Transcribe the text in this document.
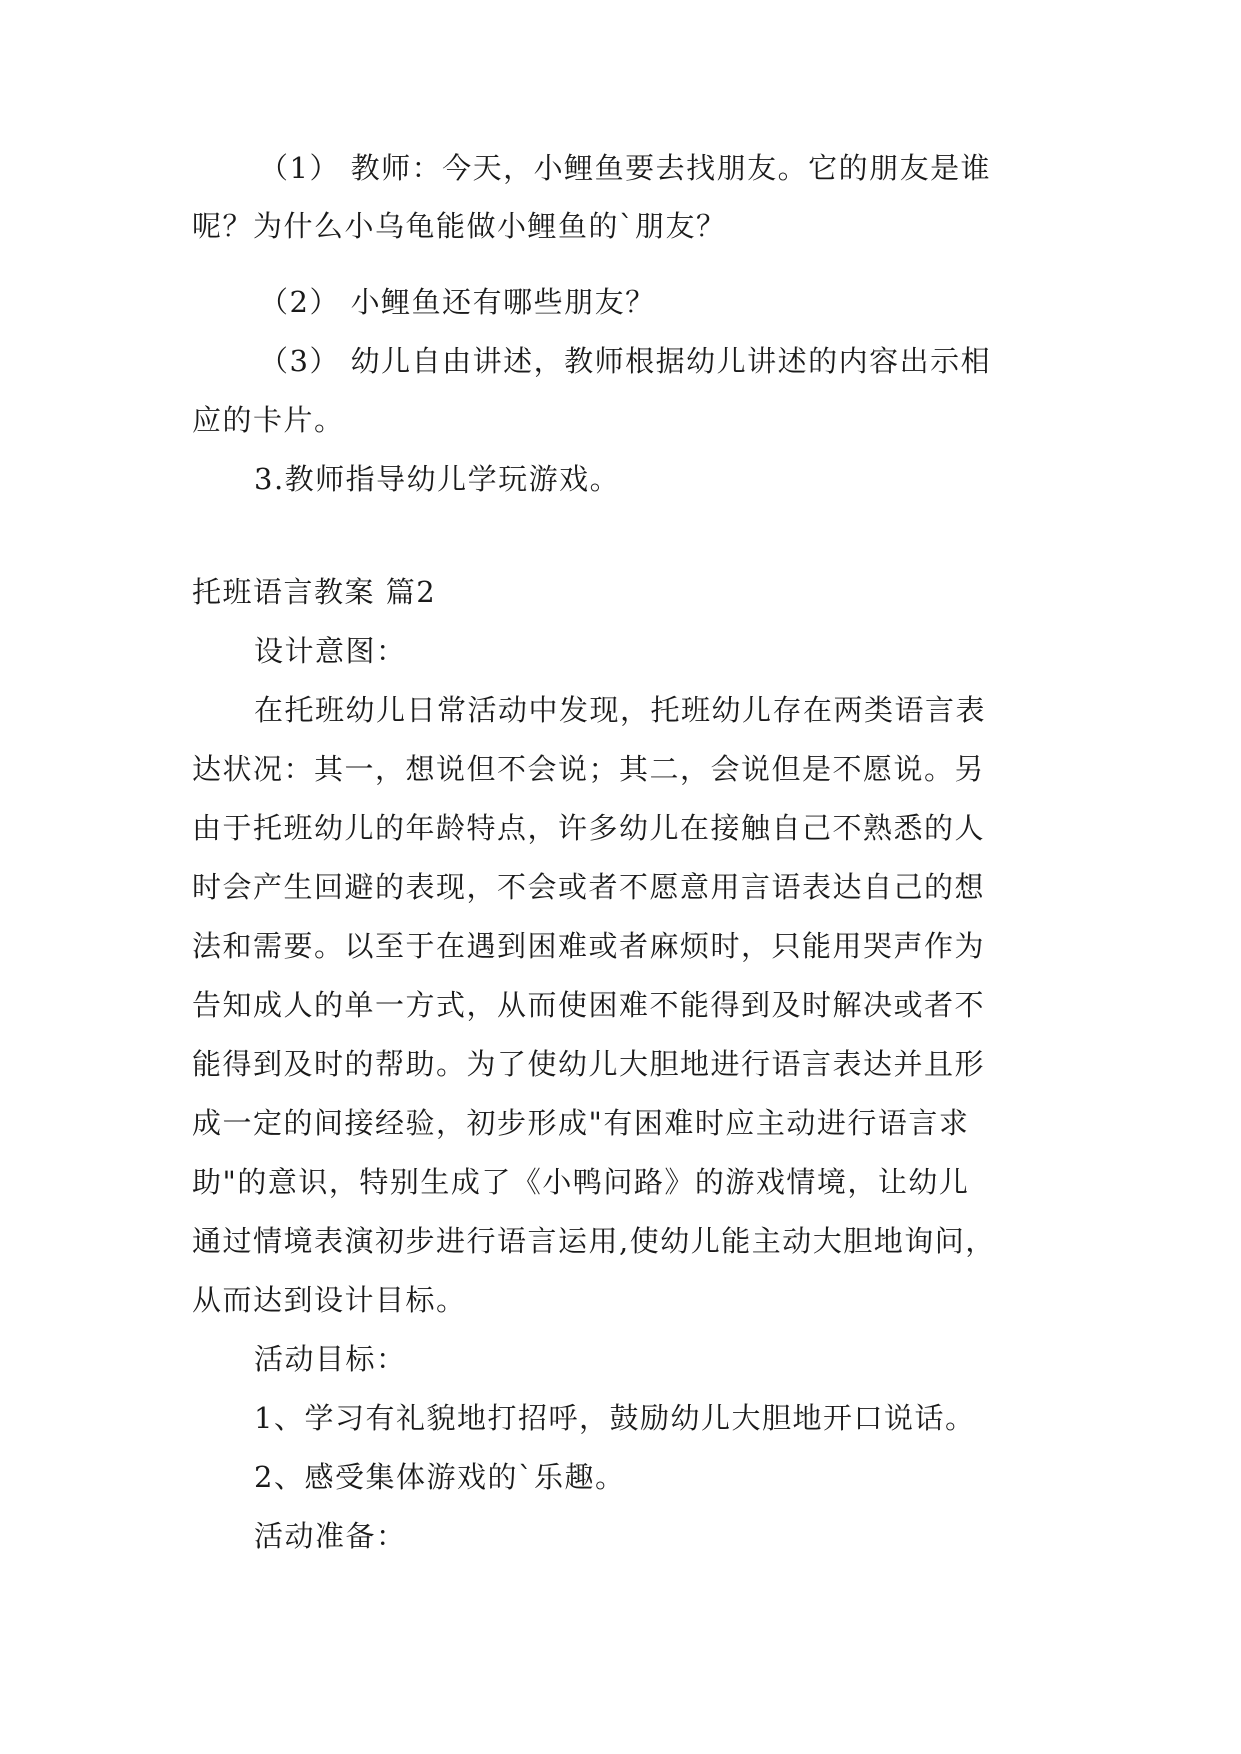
（1） 教师：今天，小鲤鱼要去找朋友。它的朋友是谁
呢？为什么小乌龟能做小鲤鱼的`朋友？
（2） 小鲤鱼还有哪些朋友？
（3） 幼儿自由讲述，教师根据幼儿讲述的内容出示相
应的卡片。
3.教师指导幼儿学玩游戏。
托班语言教案 篇2
设计意图：
在托班幼儿日常活动中发现，托班幼儿存在两类语言表
达状况：其一，想说但不会说；其二，会说但是不愿说。另
由于托班幼儿的年龄特点，许多幼儿在接触自己不熟悉的人
时会产生回避的表现，不会或者不愿意用言语表达自己的想
法和需要。以至于在遇到困难或者麻烦时，只能用哭声作为
告知成人的单一方式，从而使困难不能得到及时解决或者不
能得到及时的帮助。为了使幼儿大胆地进行语言表达并且形
成一定的间接经验，初步形成"有困难时应主动进行语言求
助"的意识，特别生成了《小鸭问路》的游戏情境，让幼儿
通过情境表演初步进行语言运用,使幼儿能主动大胆地询问，
从而达到设计目标。
活动目标：
1、学习有礼貌地打招呼，鼓励幼儿大胆地开口说话。
2、感受集体游戏的`乐趣。
活动准备：
